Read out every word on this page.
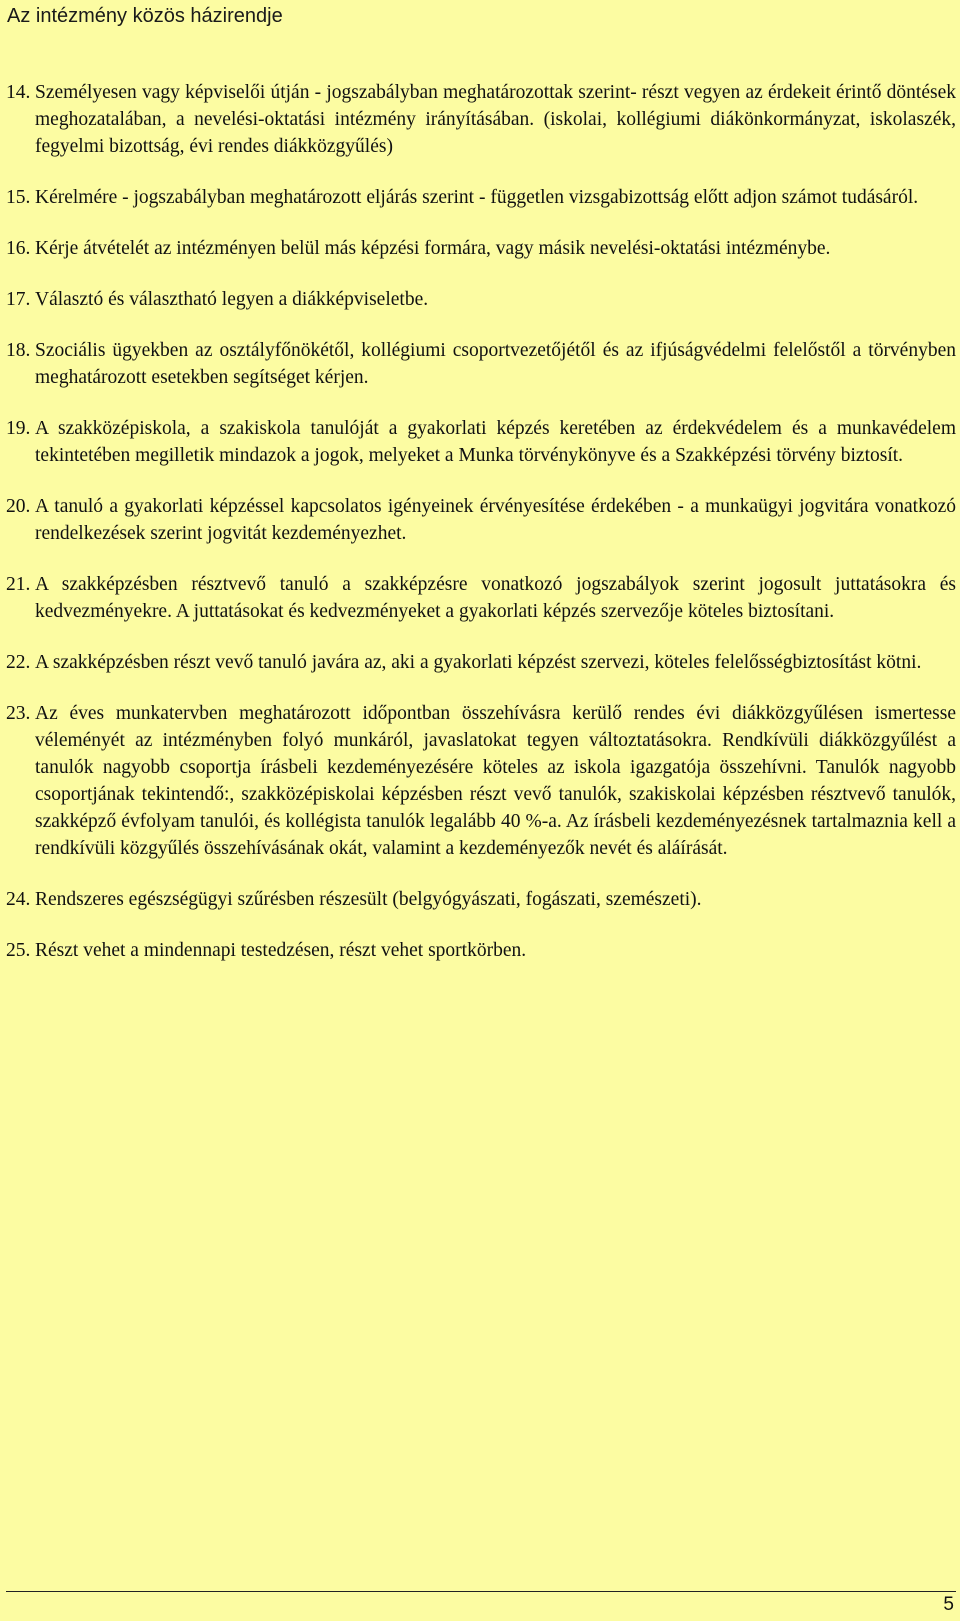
Az intézmény közös házirendje
14. Személyesen vagy képviselői útján - jogszabályban meghatározottak szerint- részt vegyen az érdekeit érintő döntések meghozatalában, a nevelési-oktatási intézmény irányításában. (iskolai, kollégiumi diákönkormányzat, iskolaszék, fegyelmi bizottság, évi rendes diákközgyűlés)
15. Kérelmére - jogszabályban meghatározott eljárás szerint - független vizsgabizottság előtt adjon számot tudásáról.
16. Kérje átvételét az intézményen belül más képzési formára, vagy másik nevelési-oktatási intézménybe.
17. Választó és választható legyen a diákképviseletbe.
18. Szociális ügyekben az osztályfőnökétől, kollégiumi csoportvezetőjétől és az ifjúságvédelmi felelőstől a törvényben meghatározott esetekben segítséget kérjen.
19. A szakközépiskola, a szakiskola tanulóját a gyakorlati képzés keretében az érdekvédelem és a munkavédelem tekintetében megilletik mindazok a jogok, melyeket a Munka törvénykönyve és a Szakképzési törvény biztosít.
20. A tanuló a gyakorlati képzéssel kapcsolatos igényeinek érvényesítése érdekében - a munkaügyi jogvitára vonatkozó rendelkezések szerint jogvitát kezdeményezhet.
21. A szakképzésben résztvevő tanuló a szakképzésre vonatkozó jogszabályok szerint jogosult juttatásokra és kedvezményekre. A juttatásokat és kedvezményeket a gyakorlati képzés szervezője köteles biztosítani.
22. A szakképzésben részt vevő tanuló javára az, aki a gyakorlati képzést szervezi, köteles felelősségbiztosítást kötni.
23. Az éves munkatervben meghatározott időpontban összehívásra kerülő rendes évi diákközgyűlésen ismertesse véleményét az intézményben folyó munkáról, javaslatokat tegyen változtatásokra. Rendkívüli diákközgyűlést a tanulók nagyobb csoportja írásbeli kezdeményezésére köteles az iskola igazgatója összehívni. Tanulók nagyobb csoportjának tekintendő:, szakközépiskolai képzésben részt vevő tanulók, szakiskolai képzésben résztvevő tanulók, szakképző évfolyam tanulói, és kollégista tanulók legalább 40 %-a. Az írásbeli kezdeményezésnek tartalmaznia kell a rendkívüli közgyűlés összehívásának okát, valamint a kezdeményezők nevét és aláírását.
24. Rendszeres egészségügyi szűrésben részesült (belgyógyászati, fogászati, szemészeti).
25. Részt vehet a mindennapi testedzésen, részt vehet sportkörben.
5
